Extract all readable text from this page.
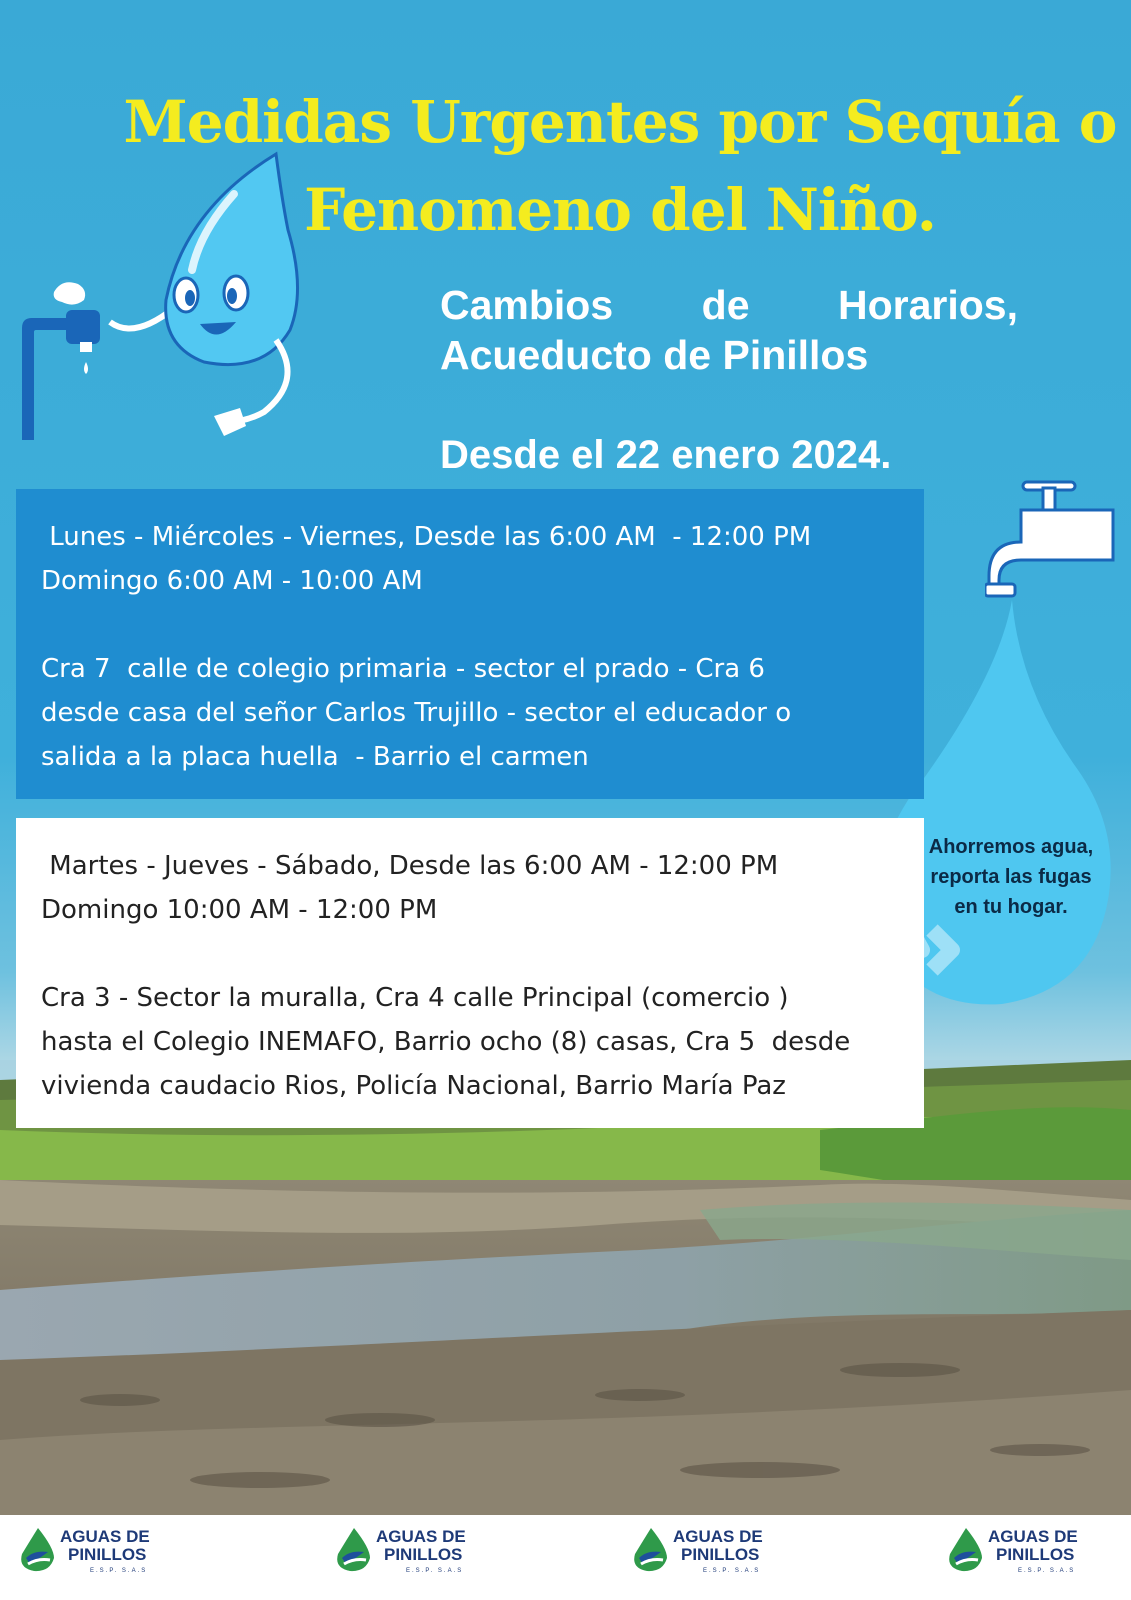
Medidas Urgentes por Sequía o
Fenomeno del Niño.
Cambios de Horarios,
Acueducto de Pinillos
Desde el 22 enero 2024.
Ahorremos agua,
reporta las fugas
en tu hogar.

Lunes - Miércoles - Viernes, Desde las 6:00 AM  - 12:00 PM

Domingo 6:00 AM - 10:00 AM

Cra 7  calle de colegio primaria - sector el prado - Cra 6

desde casa del señor Carlos Trujillo - sector el educador o

salida a la placa huella  - Barrio el carmen

Martes - Jueves - Sábado, Desde las 6:00 AM - 12:00 PM

Domingo 10:00 AM - 12:00 PM

Cra 3 - Sector la muralla, Cra 4 calle Principal (comercio )

hasta el Colegio INEMAFO, Barrio ocho (8) casas, Cra 5  desde

vivienda caudacio Rios, Policía Nacional, Barrio María Paz

AGUAS DE
PINILLOS
E.S.P. S.A.S
AGUAS DE
PINILLOS
E.S.P. S.A.S
AGUAS DE
PINILLOS
E.S.P. S.A.S
AGUAS DE
PINILLOS
E.S.P. S.A.S
